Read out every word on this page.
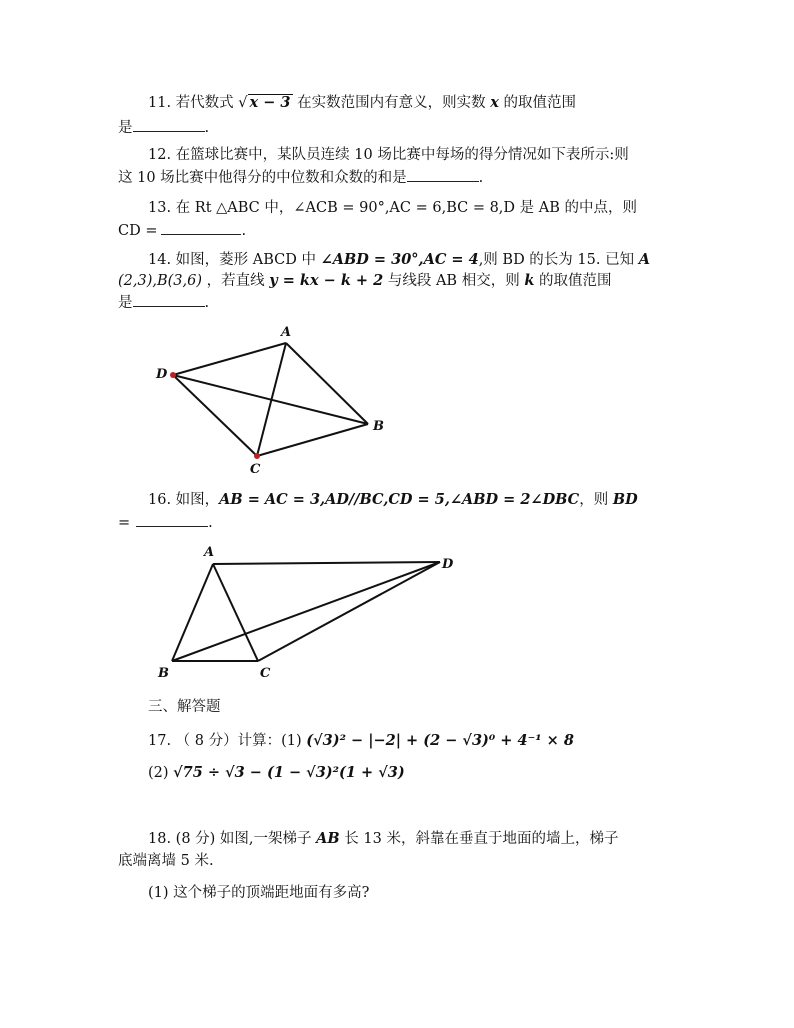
11. 若代数式 √ x − 3 在实数范围内有意义，则实数 x 的取值范围
是	.
12. 在篮球比赛中，某队员连续 10 场比赛中每场的得分情况如下表所示:则
这 10 场比赛中他得分的中位数和众数的和是	.
13. 在 Rt △ABC 中，∠ACB = 90°,AC = 6,BC = 8,D 是 AB 的中点，则
CD =	.
14. 如图，菱形 ABCD 中 ∠ABD = 30°,AC = 4,则 BD 的长为 15. 已知 A
(2,3),B(3,6) ，若直线 y = kx − k + 2 与线段 AB 相交，则 k 的取值范围
是	.
A
B
C
D
16. 如图，AB = AC = 3,AD//BC,CD = 5,∠ABD = 2∠DBC，则 BD
=	.
A
B	C
D
三、解答题
17. （ 8 分）计算：(1) (√3)² − |−2| + (2 − √3)⁰ + 4⁻¹ × 8
(2) √75 ÷ √3 − (1 − √3)²(1 + √3)
18. (8 分) 如图,一架梯子 AB 长 13 米，斜靠在垂直于地面的墙上，梯子
底端离墙 5 米.
(1) 这个梯子的顶端距地面有多高?
